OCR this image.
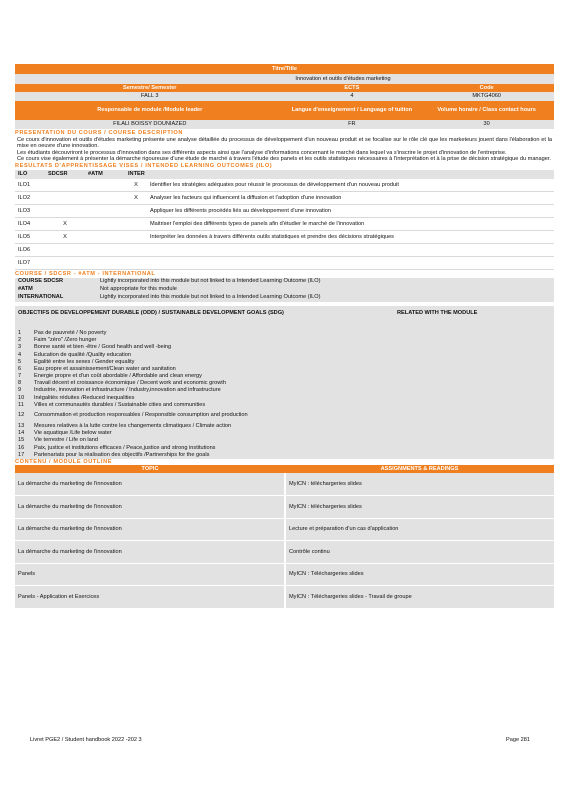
Titre/Title		
Innovation et outils d'études marketing		
Semestre/ Semester	ECTS	Code
FALL 3	4	MKTG4060
Responsable de module /Module leader	Langue d'enseignement / Language of tuition	Volume horaire / Class contact hours
FILALI BOISSY DOUNIAZED	FR	30
PRESENTATION DU COURS / COURSE DESCRIPTION

Ce cours d'innovation et outils d'études marketing présente une analyse détaillée du processus de développement d'un nouveau produit et se focalise sur le rôle clé que les marketeurs jouent dans l'élaboration et la mise en oeuvre d'une innovation.

Les étudiants découvriront le processus d'innovation dans ses différents aspects ainsi que l'analyse d'informations concernant le marché dans lequel va s'inscrire le projet d'innovation de l'entreprise.

Ce cours vise également à présenter la démarche rigoureuse d'une étude de marché à travers l'étude des panels et les outils statistiques nécessaires à l'interprétation et à la prise de décision stratégique du manager.

RESULTATS D'APPRENTISSAGE VISES / INTENDED LEARNING OUTCOMES (ILO)
ILO	SDCSR	#ATM	INTER	
ILO1			X	Identifier les stratégies adéquates pour réussir le processus de développement d'un nouveau produit
ILO2			X	Analyser les facteurs qui influencent la diffusion et l'adoption d'une innovation
ILO3				Appliquer les différents procédés liés au développement d'une innovation
ILO4	X			Maitriser l'emploi des différents types de panels afin d'étudier le marché de l'innovation
ILO5	X			Interpréter les données à travers différents outils statistiques et prendre des décisions stratégiques
ILO6				
ILO7				
COURSE / SDCSR - #ATM - INTERNATIONAL
COURSE SDCSR	Lightly incorporated into this module but not linked to a Intended Learning Outcome (ILO)
#ATM	Not appropriate for this module
INTERNATIONAL	Lightly incorporated into this module but not linked to a Intended Learning Outcome (ILO)
OBJECTIFS DE DEVELOPPEMENT DURABLE (ODD) / SUSTAINABLE DEVELOPMENT GOALS (SDG)		RELATED WITH THE MODULE
1	Pas de pauvreté / No poverty	
2	Faim "zéro" /Zero hunger	
3	Bonne santé et bien -être / Good health and well -being	
4	Education de qualité /Quality education	
5	Egalité entre les sexes / Gender equality	
6	Eau propre et assainissement/Clean water and sanitation	
7	Energie propre et d'un coût abordable / Affordable and clean energy	
8	Travail décent et croissance économique / Decent work and economic growth	
9	Industrie, innovation et infrastructure / Industry,innovation and infrastructure	
10	Inégalités réduites /Reduced inequalities	
11	Villes et communautés durables / Sustainable cities and communities	
12	Consommation et production responsables / Responsible consumption and production	
13	Mesures relatives à la lutte contre les changements climatiques / Climate action	
14	Vie aquatique /Life below water	
15	Vie terrestre / Life on land	
16	Paix, justice et institutions efficaces / Peace,justice and strong institutions	
17	Partenariats pour la réalisation des objectifs /Partnerships for the goals	
CONTENU / MODULE OUTLINE
TOPIC	ASSIGNMENTS & READINGS
La démarche du marketing de l'innovation	MyICN : téléchargeries slides
La démarche du marketing de l'innovation	MyICN : téléchargeries slides
La démarche du marketing de l'innovation	Lecture et préparation d'un cas d'application
La démarche du marketing de l'innovation	Contrôle continu
Panels	MyICN : Téléchargeries slides
Panels - Application et Exercices	MyICN : Téléchargeries slides - Travail de groupe
Livret PGE2 / Student handbook 2022 -202 3	Page 281
